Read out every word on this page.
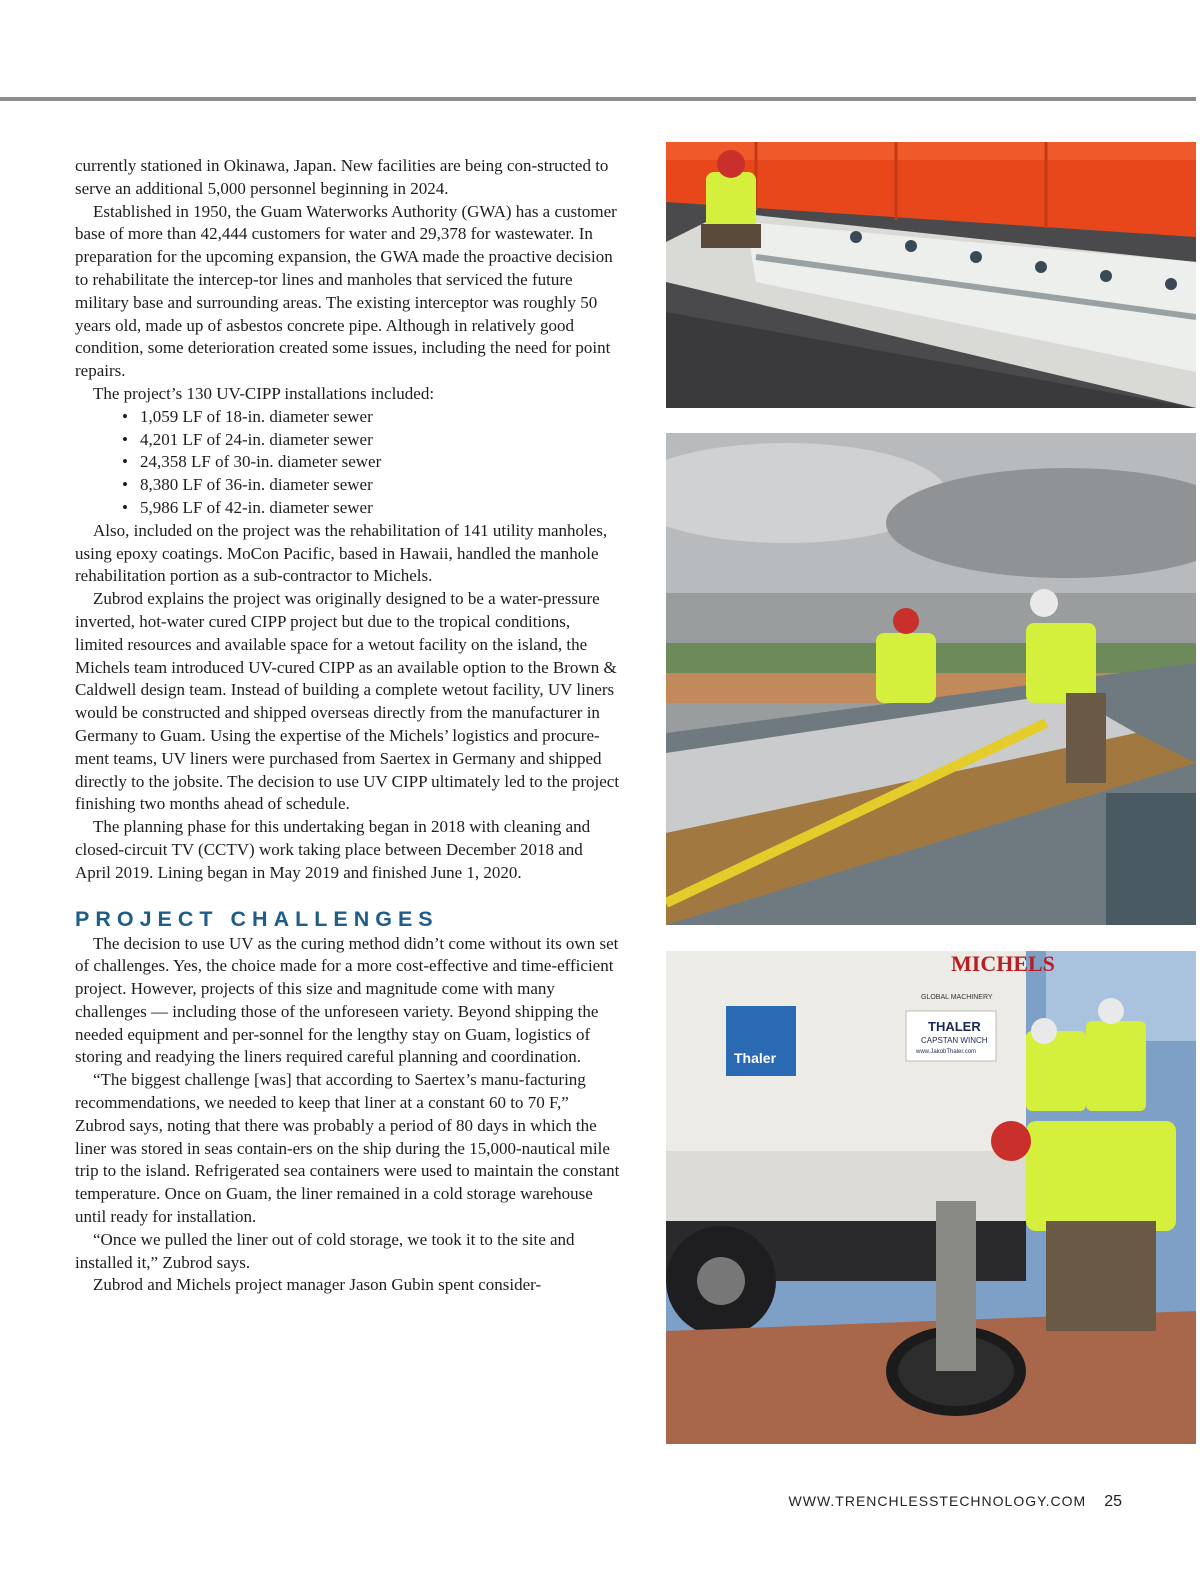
currently stationed in Okinawa, Japan. New facilities are being con-structed to serve an additional 5,000 personnel beginning in 2024.

Established in 1950, the Guam Waterworks Authority (GWA) has a customer base of more than 42,444 customers for water and 29,378 for wastewater. In preparation for the upcoming expansion, the GWA made the proactive decision to rehabilitate the intercep-tor lines and manholes that serviced the future military base and surrounding areas. The existing interceptor was roughly 50 years old, made up of asbestos concrete pipe. Although in relatively good condition, some deterioration created some issues, including the need for point repairs.

The project’s 130 UV-CIPP installations included:

• 1,059 LF of 18-in. diameter sewer
• 4,201 LF of 24-in. diameter sewer
• 24,358 LF of 30-in. diameter sewer
• 8,380 LF of 36-in. diameter sewer
• 5,986 LF of 42-in. diameter sewer

Also, included on the project was the rehabilitation of 141 utility manholes, using epoxy coatings. MoCon Pacific, based in Hawaii, handled the manhole rehabilitation portion as a sub-contractor to Michels.

Zubrod explains the project was originally designed to be a water-pressure inverted, hot-water cured CIPP project but due to the tropical conditions, limited resources and available space for a wetout facility on the island, the Michels team introduced UV-cured CIPP as an available option to the Brown & Caldwell design team. Instead of building a complete wetout facility, UV liners would be constructed and shipped overseas directly from the manufacturer in Germany to Guam. Using the expertise of the Michels’ logistics and procure-ment teams, UV liners were purchased from Saertex in Germany and shipped directly to the jobsite. The decision to use UV CIPP ultimately led to the project finishing two months ahead of schedule.

The planning phase for this undertaking began in 2018 with cleaning and closed-circuit TV (CCTV) work taking place between December 2018 and April 2019. Lining began in May 2019 and finished June 1, 2020.

PROJECT CHALLENGES

The decision to use UV as the curing method didn’t come without its own set of challenges. Yes, the choice made for a more cost-effective and time-efficient project. However, projects of this size and magnitude come with many challenges — including those of the unforeseen variety. Beyond shipping the needed equipment and per-sonnel for the lengthy stay on Guam, logistics of storing and readying the liners required careful planning and coordination.

“The biggest challenge [was] that according to Saertex’s manu-facturing recommendations, we needed to keep that liner at a constant 60 to 70 F,” Zubrod says, noting that there was probably a period of 80 days in which the liner was stored in seas contain-ers on the ship during the 15,000-nautical mile trip to the island. Refrigerated sea containers were used to maintain the constant temperature. Once on Guam, the liner remained in a cold storage warehouse until ready for installation.

“Once we pulled the liner out of cold storage, we took it to the site and installed it,” Zubrod says.

Zubrod and Michels project manager Jason Gubin spent consider-

MICHELS
GLOBAL MACHINERY
THALER
CAPSTAN WINCH
www.JakobThaler.com
Thaler
WWW.TRENCHLESSTECHNOLOGY.COM 25
